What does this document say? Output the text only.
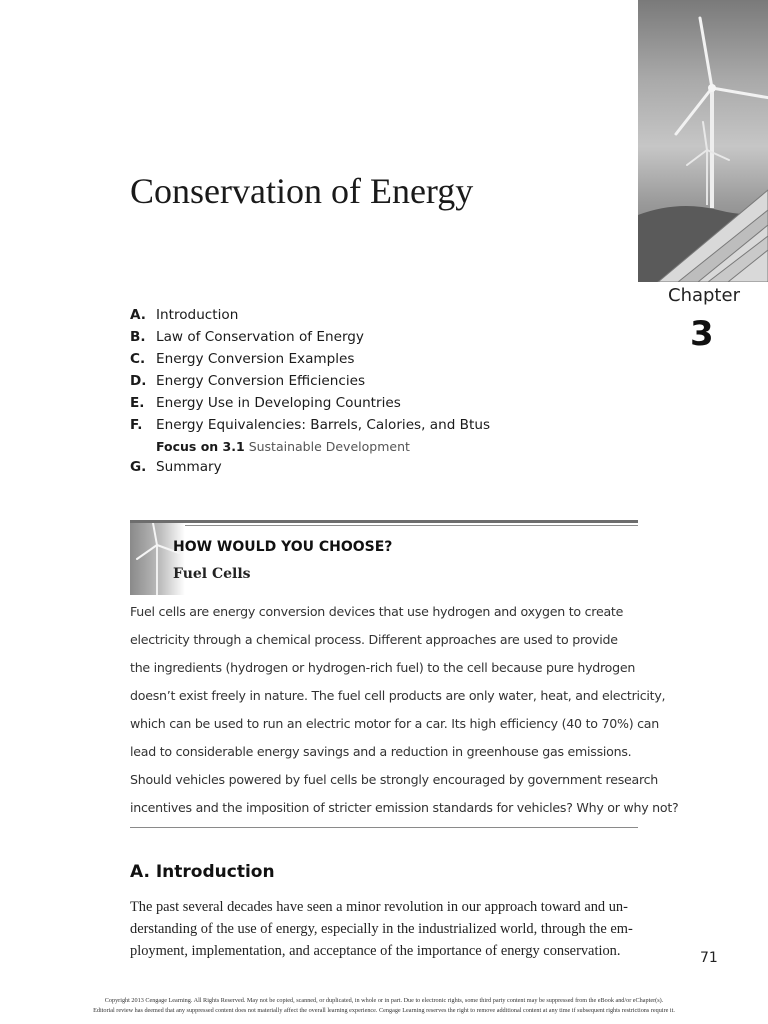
Chapter
3
Conservation of Energy
A. Introduction
B. Law of Conservation of Energy
C. Energy Conversion Examples
D. Energy Conversion Efficiencies
E. Energy Use in Developing Countries
F. Energy Equivalencies: Barrels, Calories, and Btus
Focus on 3.1 Sustainable Development
G. Summary
HOW WOULD YOU CHOOSE?
Fuel Cells
Fuel cells are energy conversion devices that use hydrogen and oxygen to create
electricity through a chemical process. Different approaches are used to provide
the ingredients (hydrogen or hydrogen-rich fuel) to the cell because pure hydrogen
doesn’t exist freely in nature. The fuel cell products are only water, heat, and electricity,
which can be used to run an electric motor for a car. Its high efficiency (40 to 70%) can
lead to considerable energy savings and a reduction in greenhouse gas emissions.
Should vehicles powered by fuel cells be strongly encouraged by government research
incentives and the imposition of stricter emission standards for vehicles? Why or why not?
A. Introduction
The past several decades have seen a minor revolution in our approach toward and un-
derstanding of the use of energy, especially in the industrialized world, through the em-
ployment, implementation, and acceptance of the importance of energy conservation.	71
Copyright 2013 Cengage Learning. All Rights Reserved. May not be copied, scanned, or duplicated, in whole or in part. Due to electronic rights, some third party content may be suppressed from the eBook and/or eChapter(s).
Editorial review has deemed that any suppressed content does not materially affect the overall learning experience. Cengage Learning reserves the right to remove additional content at any time if subsequent rights restrictions require it.
